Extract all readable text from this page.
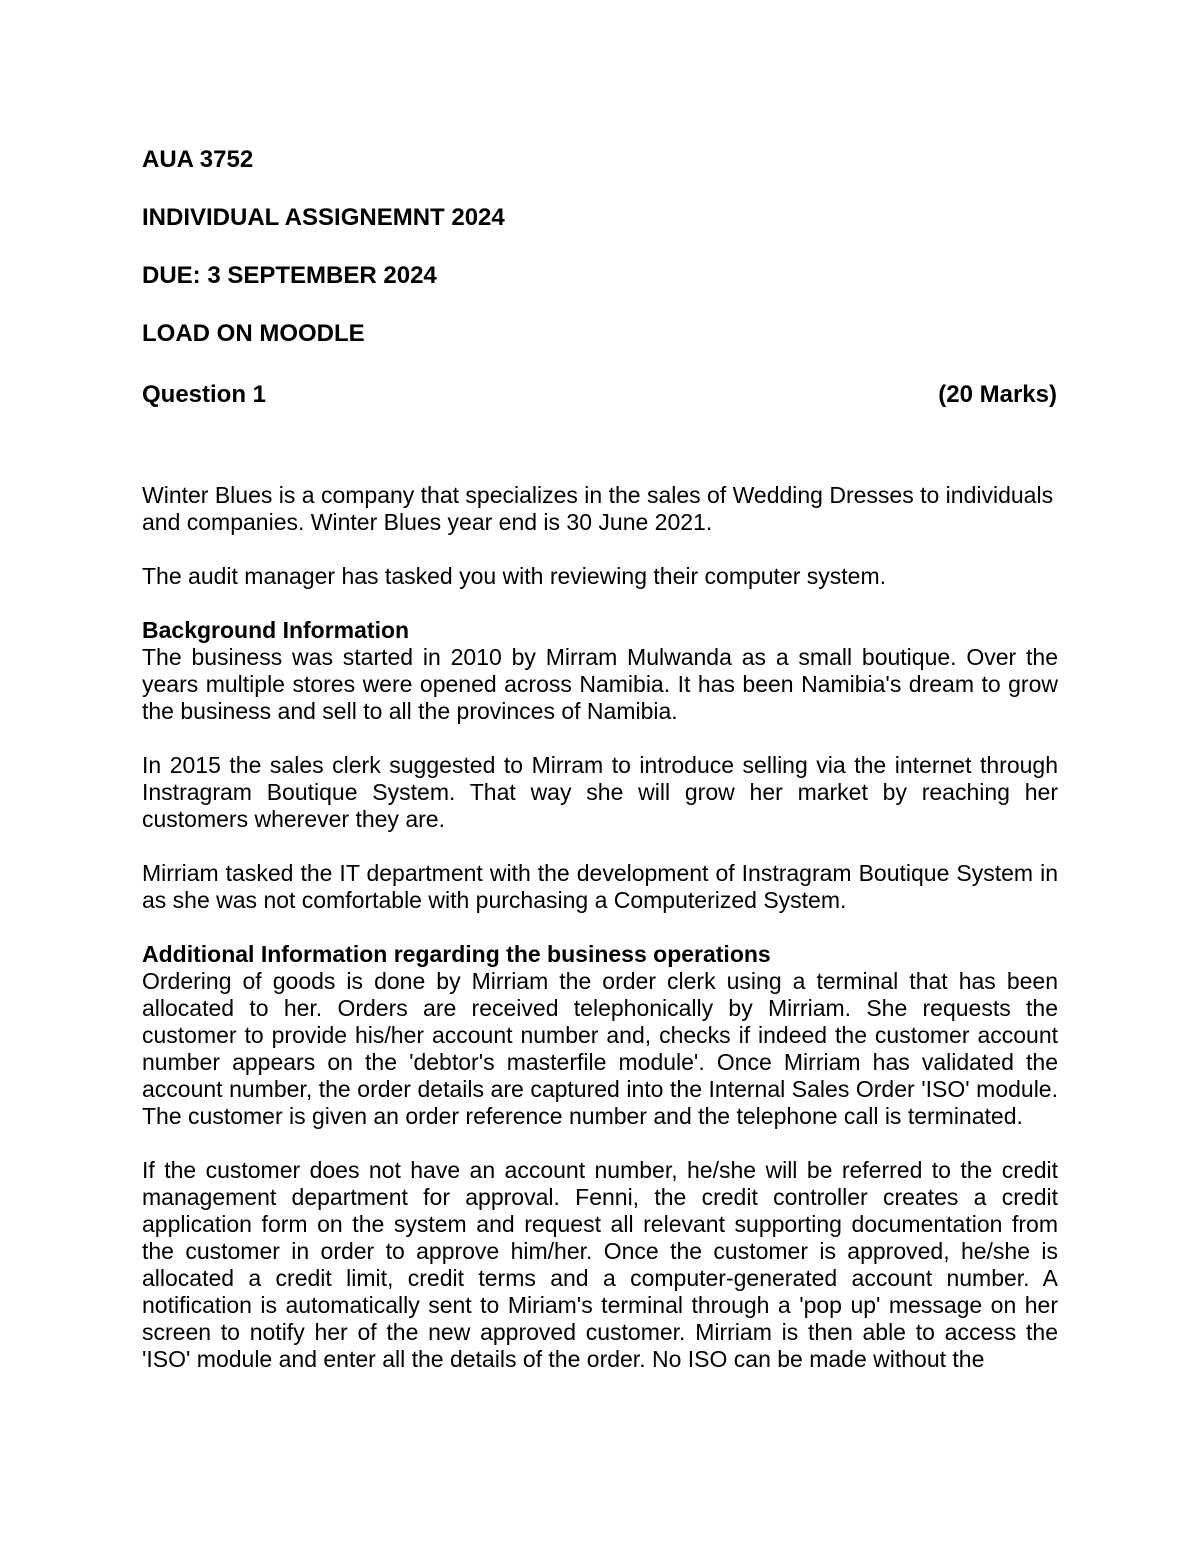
AUA 3752
INDIVIDUAL ASSIGNEMNT 2024
DUE: 3 SEPTEMBER 2024
LOAD ON MOODLE
Question 1	(20 Marks)

Winter Blues is a company that specializes in the sales of Wedding Dresses to individuals and companies. Winter Blues year end is 30 June 2021.

The audit manager has tasked you with reviewing their computer system.

Background Information

The business was started in 2010 by Mirram Mulwanda as a small boutique. Over the years multiple stores were opened across Namibia. It has been Namibia's dream to grow the business and sell to all the provinces of Namibia.

In 2015 the sales clerk suggested to Mirram to introduce selling via the internet through Instragram Boutique System. That way she will grow her market by reaching her customers wherever they are.

Mirriam tasked the IT department with the development of Instragram Boutique System in as she was not comfortable with purchasing a Computerized System.

Additional Information regarding the business operations

Ordering of goods is done by Mirriam the order clerk using a terminal that has been allocated to her. Orders are received telephonically by Mirriam. She requests the customer to provide his/her account number and, checks if indeed the customer account number appears on the 'debtor's masterfile module'. Once Mirriam has validated the account number, the order details are captured into the Internal Sales Order 'ISO' module. The customer is given an order reference number and the telephone call is terminated.

If the customer does not have an account number, he/she will be referred to the credit management department for approval. Fenni, the credit controller creates a credit application form on the system and request all relevant supporting documentation from the customer in order to approve him/her. Once the customer is approved, he/she is allocated a credit limit, credit terms and a computer-generated account number. A notification is automatically sent to Miriam's terminal through a 'pop up' message on her screen to notify her of the new approved customer. Mirriam is then able to access the 'ISO' module and enter all the details of the order. No ISO can be made without the
